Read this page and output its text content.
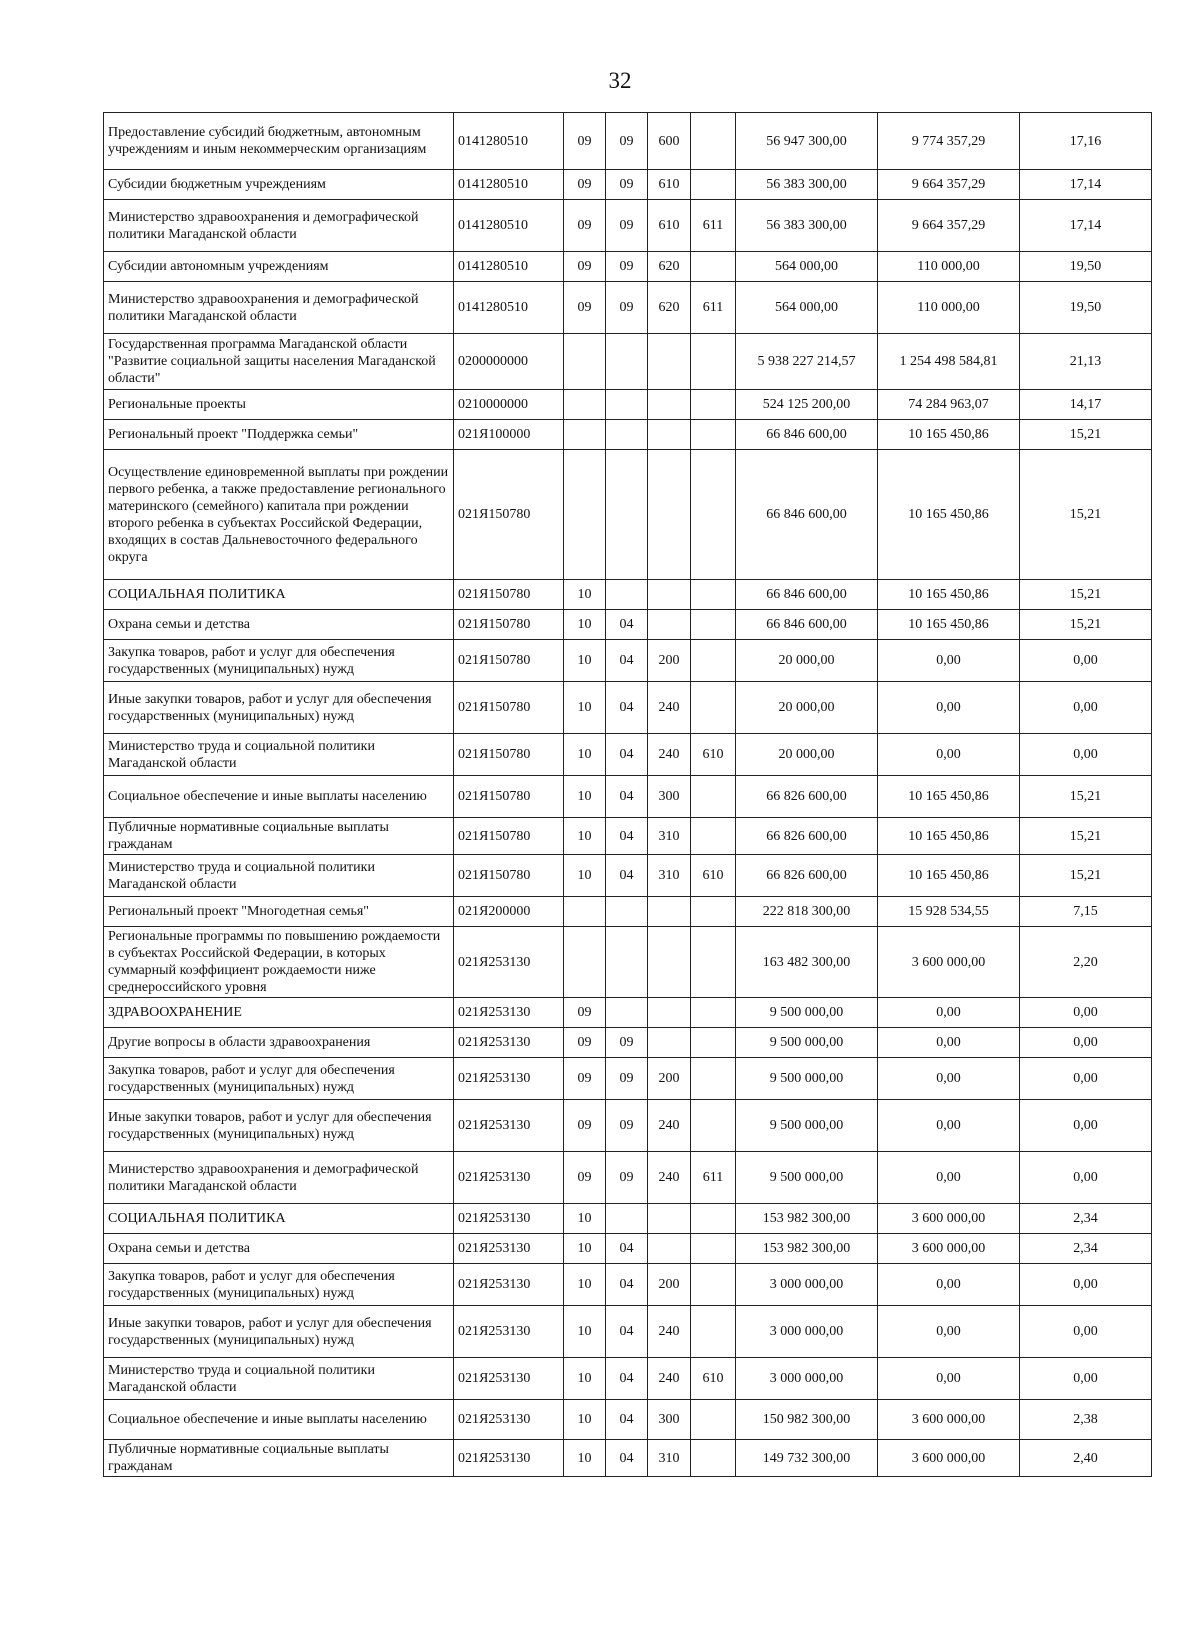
32
Предоставление субсидий бюджетным, автономным учреждениям и иным некоммерческим организациям	0141280510	09	09	600		56 947 300,00	9 774 357,29	17,16
Субсидии бюджетным учреждениям	0141280510	09	09	610		56 383 300,00	9 664 357,29	17,14
Министерство здравоохранения и демографической политики Магаданской области	0141280510	09	09	610	611	56 383 300,00	9 664 357,29	17,14
Субсидии автономным учреждениям	0141280510	09	09	620		564 000,00	110 000,00	19,50
Министерство здравоохранения и демографической политики Магаданской области	0141280510	09	09	620	611	564 000,00	110 000,00	19,50
Государственная программа Магаданской области "Развитие социальной защиты населения Магаданской области"	0200000000					5 938 227 214,57	1 254 498 584,81	21,13
Региональные проекты	0210000000					524 125 200,00	74 284 963,07	14,17
Региональный проект "Поддержка семьи"	021Я100000					66 846 600,00	10 165 450,86	15,21
Осуществление единовременной выплаты при рождении первого ребенка, а также предоставление регионального материнского (семейного) капитала при рождении второго ребенка в субъектах Российской Федерации, входящих в состав Дальневосточного федерального округа	021Я150780					66 846 600,00	10 165 450,86	15,21
СОЦИАЛЬНАЯ ПОЛИТИКА	021Я150780	10				66 846 600,00	10 165 450,86	15,21
Охрана семьи и детства	021Я150780	10	04			66 846 600,00	10 165 450,86	15,21
Закупка товаров, работ и услуг для обеспечения государственных (муниципальных) нужд	021Я150780	10	04	200		20 000,00	0,00	0,00
Иные закупки товаров, работ и услуг для обеспечения государственных (муниципальных) нужд	021Я150780	10	04	240		20 000,00	0,00	0,00
Министерство труда и социальной политики Магаданской области	021Я150780	10	04	240	610	20 000,00	0,00	0,00
Социальное обеспечение и иные выплаты населению	021Я150780	10	04	300		66 826 600,00	10 165 450,86	15,21
Публичные нормативные социальные выплаты гражданам	021Я150780	10	04	310		66 826 600,00	10 165 450,86	15,21
Министерство труда и социальной политики Магаданской области	021Я150780	10	04	310	610	66 826 600,00	10 165 450,86	15,21
Региональный проект "Многодетная семья"	021Я200000					222 818 300,00	15 928 534,55	7,15
Региональные программы по повышению рождаемости в субъектах Российской Федерации, в которых суммарный коэффициент рождаемости ниже среднероссийского уровня	021Я253130					163 482 300,00	3 600 000,00	2,20
ЗДРАВООХРАНЕНИЕ	021Я253130	09				9 500 000,00	0,00	0,00
Другие вопросы в области здравоохранения	021Я253130	09	09			9 500 000,00	0,00	0,00
Закупка товаров, работ и услуг для обеспечения государственных (муниципальных) нужд	021Я253130	09	09	200		9 500 000,00	0,00	0,00
Иные закупки товаров, работ и услуг для обеспечения государственных (муниципальных) нужд	021Я253130	09	09	240		9 500 000,00	0,00	0,00
Министерство здравоохранения и демографической политики Магаданской области	021Я253130	09	09	240	611	9 500 000,00	0,00	0,00
СОЦИАЛЬНАЯ ПОЛИТИКА	021Я253130	10				153 982 300,00	3 600 000,00	2,34
Охрана семьи и детства	021Я253130	10	04			153 982 300,00	3 600 000,00	2,34
Закупка товаров, работ и услуг для обеспечения государственных (муниципальных) нужд	021Я253130	10	04	200		3 000 000,00	0,00	0,00
Иные закупки товаров, работ и услуг для обеспечения государственных (муниципальных) нужд	021Я253130	10	04	240		3 000 000,00	0,00	0,00
Министерство труда и социальной политики Магаданской области	021Я253130	10	04	240	610	3 000 000,00	0,00	0,00
Социальное обеспечение и иные выплаты населению	021Я253130	10	04	300		150 982 300,00	3 600 000,00	2,38
Публичные нормативные социальные выплаты гражданам	021Я253130	10	04	310		149 732 300,00	3 600 000,00	2,40
